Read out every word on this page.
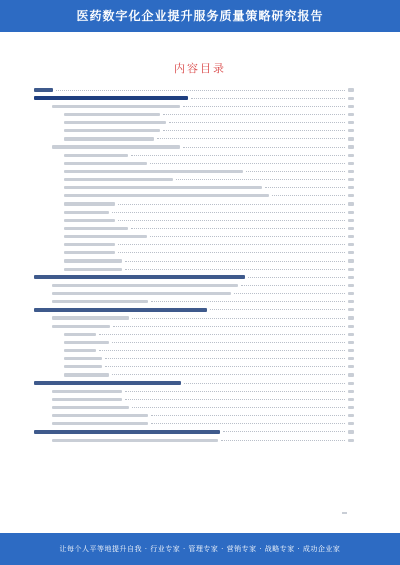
医药数字化企业提升服务质量策略研究报告
内容目录
让每个人平等地提升自我 · 行业专家 · 管理专家 · 营销专家 · 战略专家 · 成功企业家
